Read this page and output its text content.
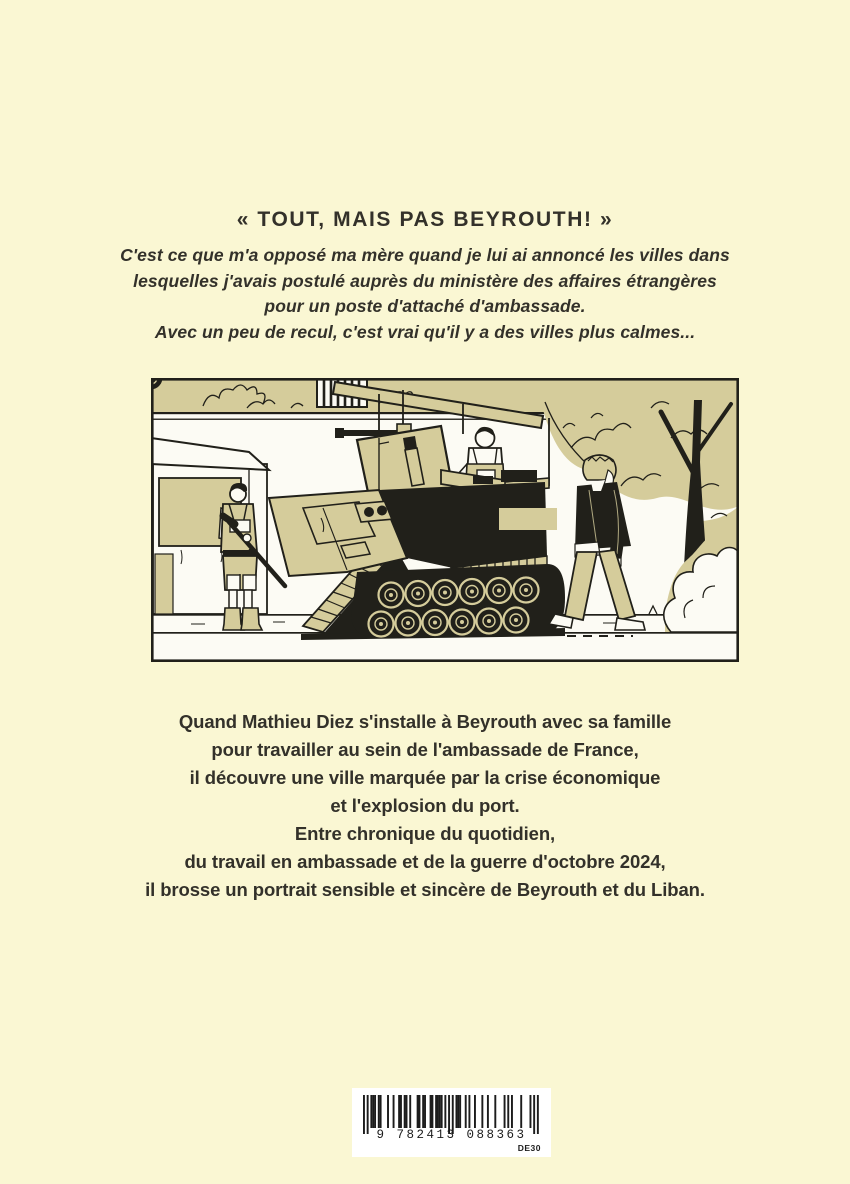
« TOUT, MAIS PAS BEYROUTH! »
C'est ce que m'a opposé ma mère quand je lui ai annoncé les villes dans
lesquelles j'avais postulé auprès du ministère des affaires étrangères
pour un poste d'attaché d'ambassade.
Avec un peu de recul, c'est vrai qu'il y a des villes plus calmes...
Quand Mathieu Diez s'installe à Beyrouth avec sa famille
pour travailler au sein de l'ambassade de France,
il découvre une ville marquée par la crise économique
et l'explosion du port.
Entre chronique du quotidien,
du travail en ambassade et de la guerre d'octobre 2024,
il brosse un portrait sensible et sincère de Beyrouth et du Liban.
9 782413 088363
DE30
